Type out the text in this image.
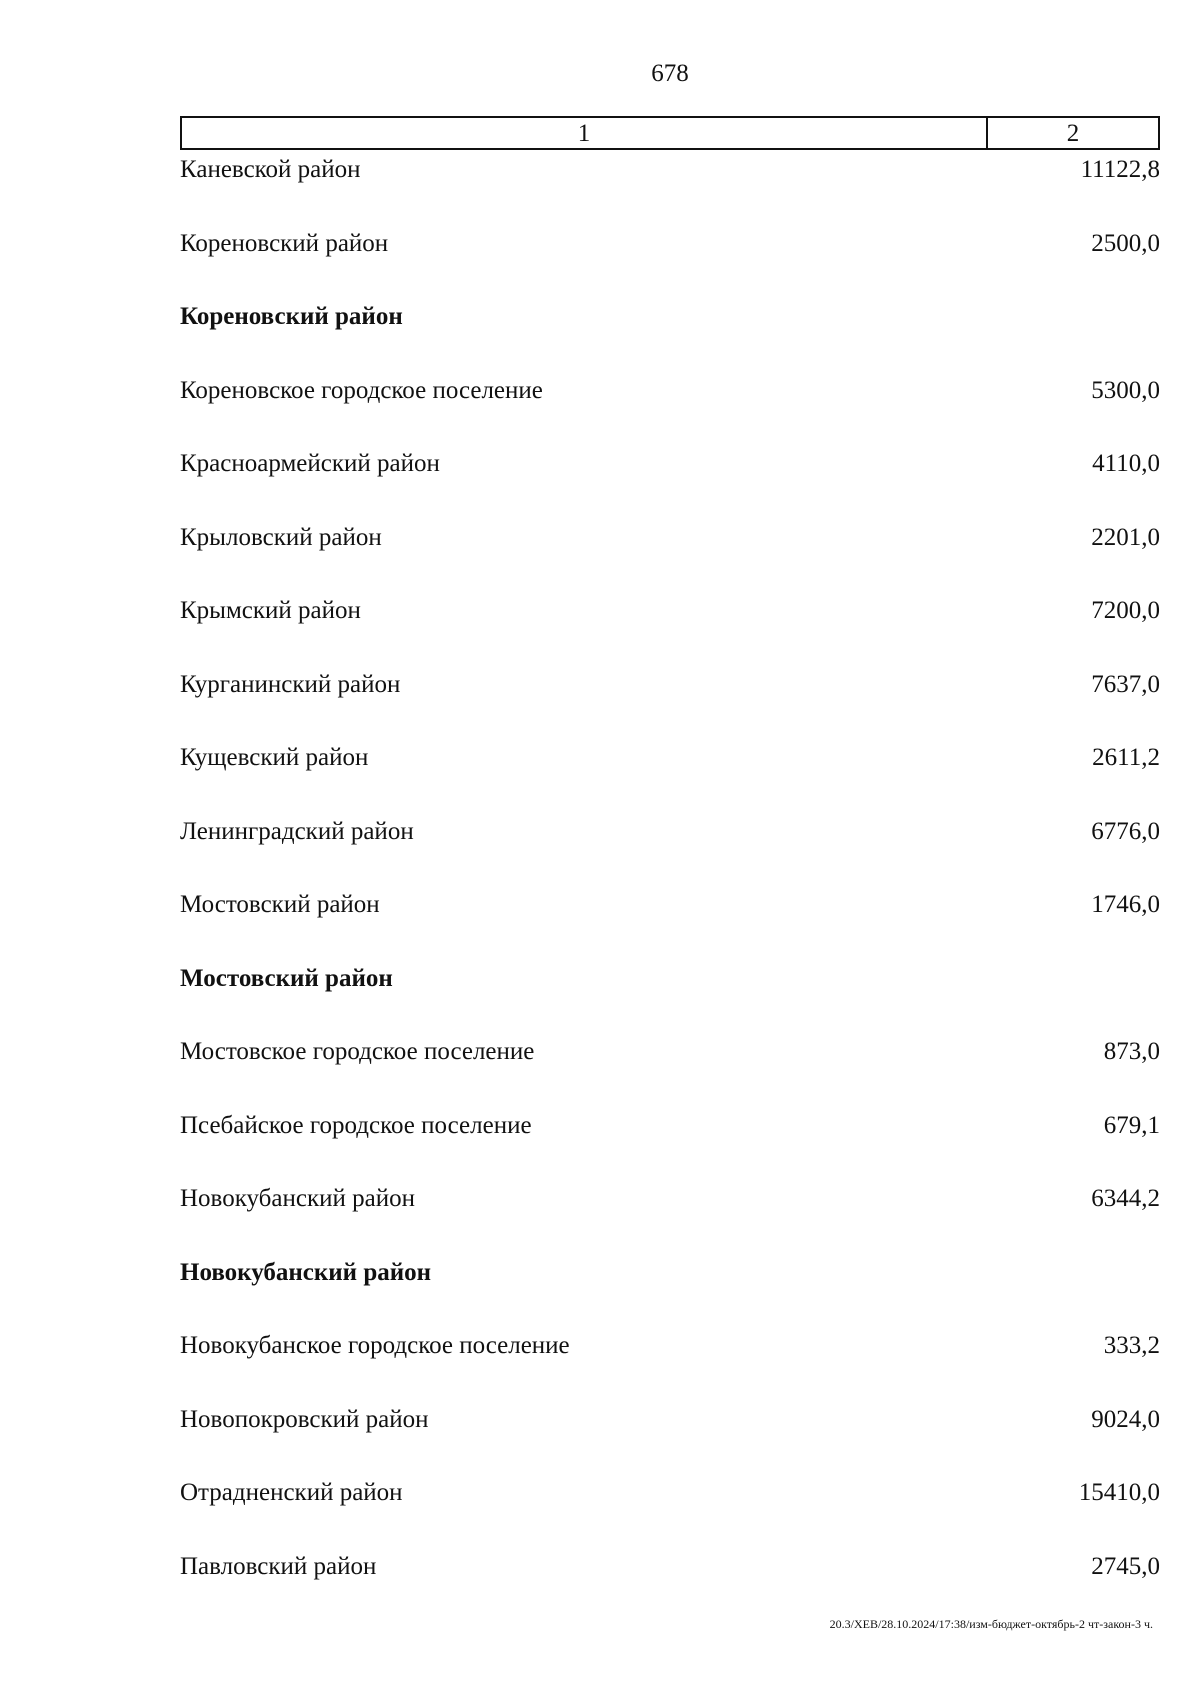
678
1	2
Каневской район	11122,8
Кореновский район	2500,0
Кореновский район
Кореновское городское поселение	5300,0
Красноармейский район	4110,0
Крыловский район	2201,0
Крымский район	7200,0
Курганинский район	7637,0
Кущевский район	2611,2
Ленинградский район	6776,0
Мостовский район	1746,0
Мостовский район
Мостовское городское поселение	873,0
Псебайское городское поселение	679,1
Новокубанский район	6344,2
Новокубанский район
Новокубанское городское поселение	333,2
Новопокровский район	9024,0
Отрадненский район	15410,0
Павловский район	2745,0
20.3/ХЕВ/28.10.2024/17:38/изм-бюджет-октябрь-2 чт-закон-3 ч.
